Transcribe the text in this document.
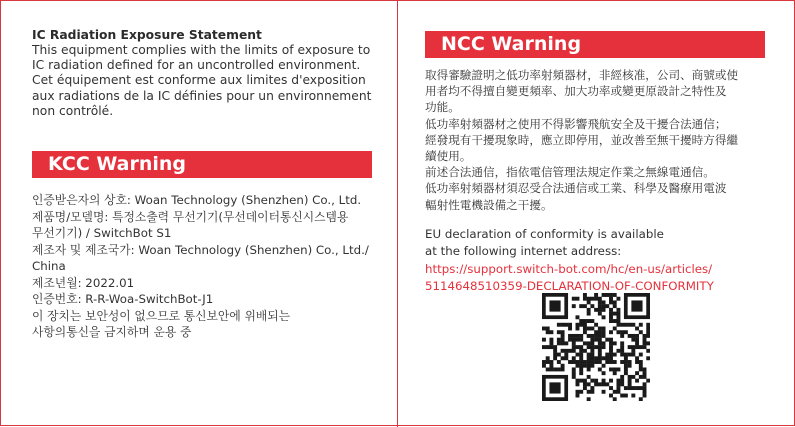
IC Radiation Exposure Statement
This equipment complies with the limits of exposure to
IC radiation defined for an uncontrolled environment.
Cet équipement est conforme aux limites d'exposition
aux radiations de la IC définies pour un environnement
non contrôlé.
KCC Warning
인증받은자의 상호: Woan Technology (Shenzhen) Co., Ltd.
제품명/모델명: 특정소출력 무선기기(무선데이터통신시스템용
무선기기) / SwitchBot S1
제조자 및 제조국가: Woan Technology (Shenzhen) Co., Ltd./
China
제조년월: 2022.01
인증번호: R-R-Woa-SwitchBot-J1
이 장치는 보안성이 없으므로 통신보안에 위배되는
사항의통신을 금지하며 운용 중
NCC Warning
取得審驗證明之低功率射頻器材，非經核准，公司、商號或使
用者均不得擅自變更頻率、加大功率或變更原設計之特性及
功能。
低功率射頻器材之使用不得影響飛航安全及干擾合法通信；
經發現有干擾現象時，應立即停用，並改善至無干擾時方得繼
續使用。
前述合法通信，指依電信管理法規定作業之無線電通信。
低功率射頻器材須忍受合法通信或工業、科學及醫療用電波
輻射性電機設備之干擾。
EU declaration of conformity is available
at the following internet address:
https://support.switch-bot.com/hc/en-us/articles/
5114648510359-DECLARATION-OF-CONFORMITY
